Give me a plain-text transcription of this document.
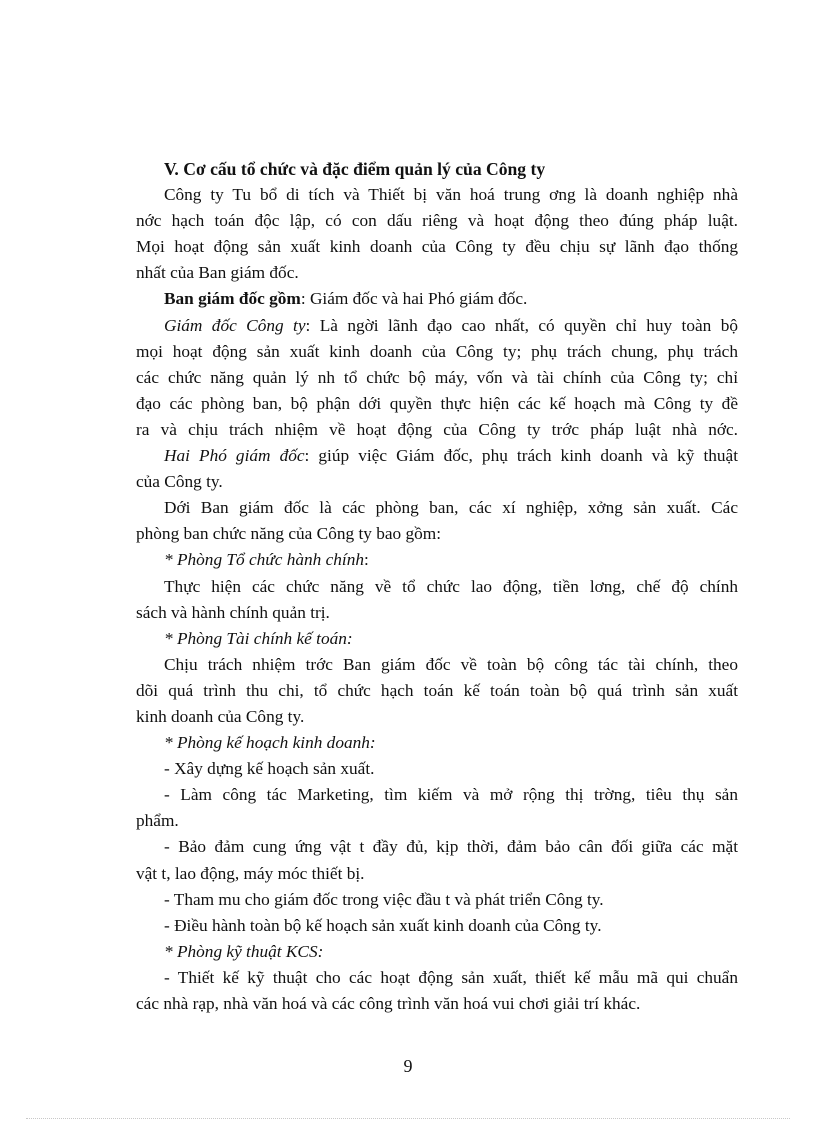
V. Cơ cấu tổ chức và đặc điểm quản lý của Công ty

Công ty Tu bổ di tích và Thiết bị văn hoá trung ơng là doanh nghiệp nhà
nớc hạch toán độc lập, có con dấu riêng và hoạt động theo đúng pháp luật.
Mọi hoạt động sản xuất kinh doanh của Công ty đều chịu sự lãnh đạo thống
nhất của Ban giám đốc.

Ban giám đốc gồm: Giám đốc và hai Phó giám đốc.

Giám đốc Công ty: Là ngời lãnh đạo cao nhất, có quyền chỉ huy toàn bộ
mọi hoạt động sản xuất kinh doanh của Công ty; phụ trách chung, phụ trách
các chức năng quản lý nh tổ chức bộ máy, vốn và tài chính của Công ty; chỉ
đạo các phòng ban, bộ phận dới quyền thực hiện các kế hoạch mà Công ty đề
ra và chịu trách nhiệm về hoạt động của Công ty trớc pháp luật nhà nớc.
Hai Phó giám đốc: giúp việc Giám đốc, phụ trách kinh doanh và kỹ thuật
của Công ty.
Dới Ban giám đốc là các phòng ban, các xí nghiệp, xởng sản xuất. Các
phòng ban chức năng của Công ty bao gồm:

* Phòng Tổ chức hành chính:

Thực hiện các chức năng về tổ chức lao động, tiền lơng, chế độ chính
sách và hành chính quản trị.

* Phòng Tài chính kế toán:

Chịu trách nhiệm trớc Ban giám đốc về toàn bộ công tác tài chính, theo
dõi quá trình thu chi, tổ chức hạch toán kế toán toàn bộ quá trình sản xuất
kinh doanh của Công ty.

* Phòng kế hoạch kinh doanh:

- Xây dựng kế hoạch sản xuất.

- Làm công tác Marketing, tìm kiếm và mở rộng thị trờng, tiêu thụ sản
phẩm.
- Bảo đảm cung ứng vật t đầy đủ, kịp thời, đảm bảo cân đối giữa các mặt
vật t, lao động, máy móc thiết bị.

- Tham mu cho giám đốc trong việc đầu t và phát triển Công ty.

- Điều hành toàn bộ kế hoạch sản xuất kinh doanh của Công ty.

* Phòng kỹ thuật KCS:

- Thiết kế kỹ thuật cho các hoạt động sản xuất, thiết kế mẫu mã qui chuẩn
các nhà rạp, nhà văn hoá và các công trình văn hoá vui chơi giải trí khác.
9
